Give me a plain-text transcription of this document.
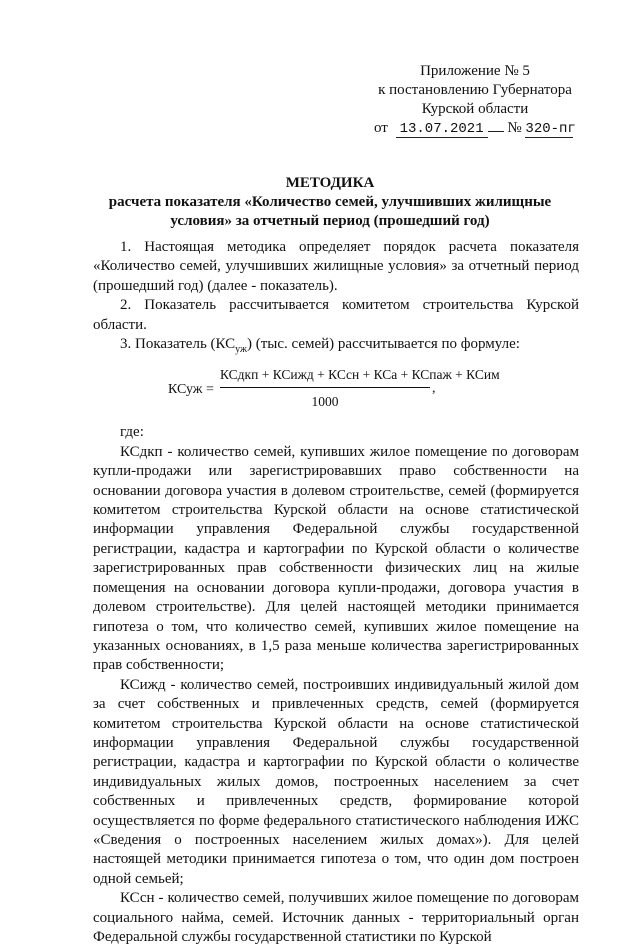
Приложение № 5
к постановлению Губернатора
Курской области
от 13.07.2021 № 320-пг
МЕТОДИКА
расчета показателя «Количество семей, улучшивших жилищные
условия» за отчетный период (прошедший год)

1. Настоящая методика определяет порядок расчета показателя «Количество семей, улучшивших жилищные условия» за отчетный период (прошедший год) (далее - показатель).

2. Показатель рассчитывается комитетом строительства Курской области.

3. Показатель $(КС_{уж})$ (тыс. семей) рассчитывается по формуле:

КСуж =
КСдкп + КСижд + КСсн + КСа + КСпаж + КСим
1000
,

где:

КСдкп - количество семей, купивших жилое помещение по договорам купли-продажи или зарегистрировавших право собственности на основании договора участия в долевом строительстве, семей (формируется комитетом строительства Курской области на основе статистической информации управления Федеральной службы государственной регистрации, кадастра и картографии по Курской области о количестве зарегистрированных прав собственности физических лиц на жилые помещения на основании договора купли-продажи, договора участия в долевом строительстве). Для целей настоящей методики принимается гипотеза о том, что количество семей, купивших жилое помещение на указанных основаниях, в 1,5 раза меньше количества зарегистрированных прав собственности;

КСижд - количество семей, построивших индивидуальный жилой дом за счет собственных и привлеченных средств, семей (формируется комитетом строительства Курской области на основе статистической информации управления Федеральной службы государственной регистрации, кадастра и картографии по Курской области о количестве индивидуальных жилых домов, построенных населением за счет собственных и привлеченных средств, формирование которой осуществляется по форме федерального статистического наблюдения ИЖС «Сведения о построенных населением жилых домах»). Для целей настоящей методики принимается гипотеза о том, что один дом построен одной семьей;

КСсн - количество семей, получивших жилое помещение по договорам социального найма, семей. Источник данных - территориальный орган Федеральной службы государственной статистики по Курской
